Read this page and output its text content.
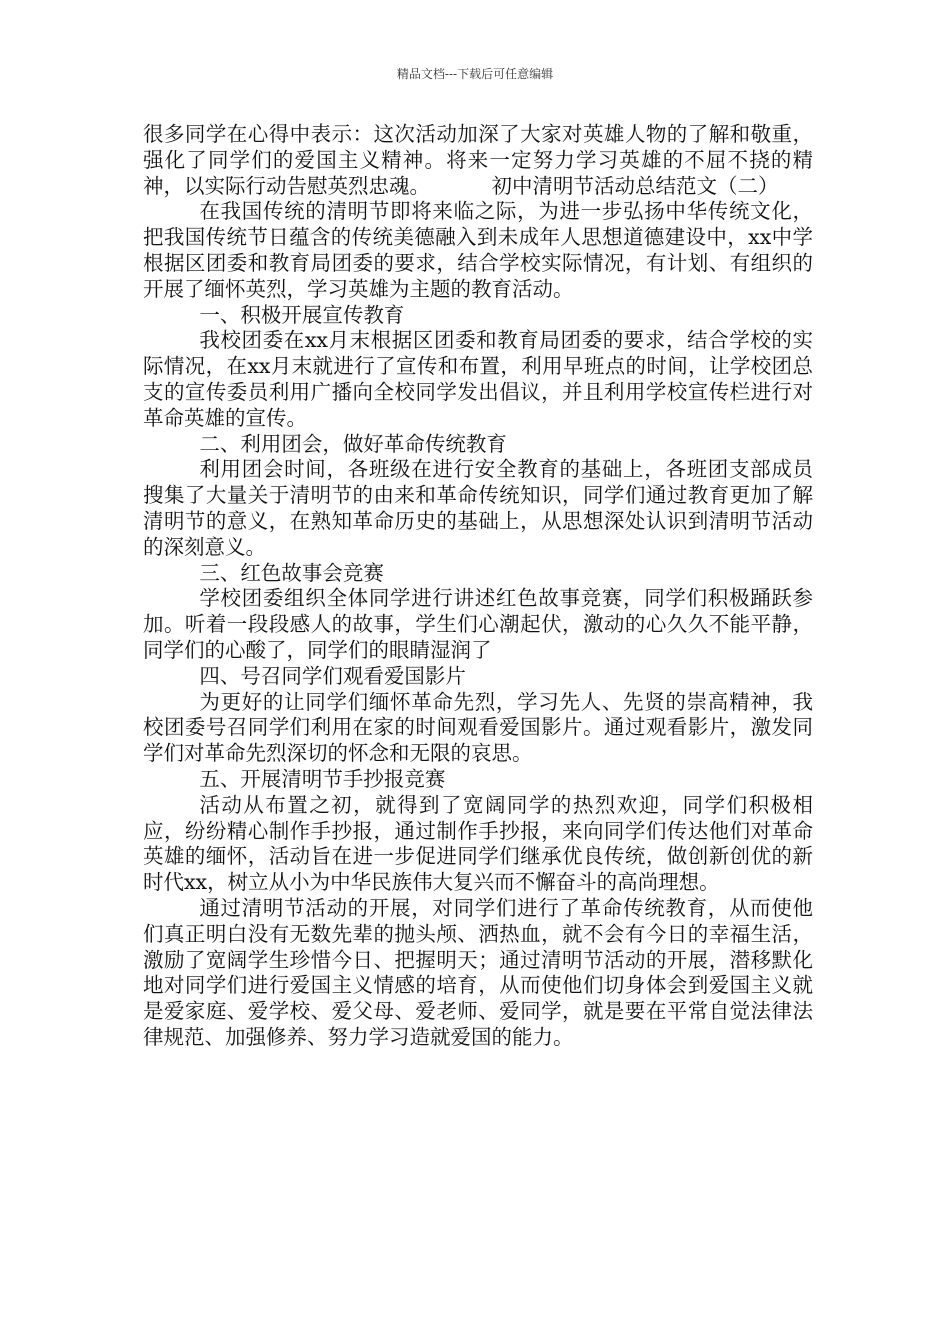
精品文档---下载后可任意编辑

很多同学在心得中表示：这次活动加深了大家对英雄人物的了解和敬重，强化了同学们的爱国主义精神。将来一定努力学习英雄的不屈不挠的精神，以实际行动告慰英烈忠魂。	初中清明节活动总结范文（二）

在我国传统的清明节即将来临之际，为进一步弘扬中华传统文化，把我国传统节日蕴含的传统美德融入到未成年人思想道德建设中，xx中学根据区团委和教育局团委的要求，结合学校实际情况，有计划、有组织的开展了缅怀英烈，学习英雄为主题的教育活动。

一、积极开展宣传教育

我校团委在xx月末根据区团委和教育局团委的要求，结合学校的实际情况，在xx月末就进行了宣传和布置，利用早班点的时间，让学校团总支的宣传委员利用广播向全校同学发出倡议，并且利用学校宣传栏进行对革命英雄的宣传。

二、利用团会，做好革命传统教育

利用团会时间，各班级在进行安全教育的基础上，各班团支部成员搜集了大量关于清明节的由来和革命传统知识，同学们通过教育更加了解清明节的意义，在熟知革命历史的基础上，从思想深处认识到清明节活动的深刻意义。

三、红色故事会竞赛

学校团委组织全体同学进行讲述红色故事竞赛，同学们积极踊跃参加。听着一段段感人的故事，学生们心潮起伏，激动的心久久不能平静，同学们的心酸了，同学们的眼睛湿润了

四、号召同学们观看爱国影片

为更好的让同学们缅怀革命先烈，学习先人、先贤的崇高精神，我校团委号召同学们利用在家的时间观看爱国影片。通过观看影片，激发同学们对革命先烈深切的怀念和无限的哀思。

五、开展清明节手抄报竞赛

活动从布置之初，就得到了宽阔同学的热烈欢迎，同学们积极相应，纷纷精心制作手抄报，通过制作手抄报，来向同学们传达他们对革命英雄的缅怀，活动旨在进一步促进同学们继承优良传统，做创新创优的新时代xx，树立从小为中华民族伟大复兴而不懈奋斗的高尚理想。

通过清明节活动的开展，对同学们进行了革命传统教育，从而使他们真正明白没有无数先辈的抛头颅、洒热血，就不会有今日的幸福生活，激励了宽阔学生珍惜今日、把握明天；通过清明节活动的开展，潜移默化地对同学们进行爱国主义情感的培育，从而使他们切身体会到爱国主义就是爱家庭、爱学校、爱父母、爱老师、爱同学，就是要在平常自觉法律法律规范、加强修养、努力学习造就爱国的能力。
